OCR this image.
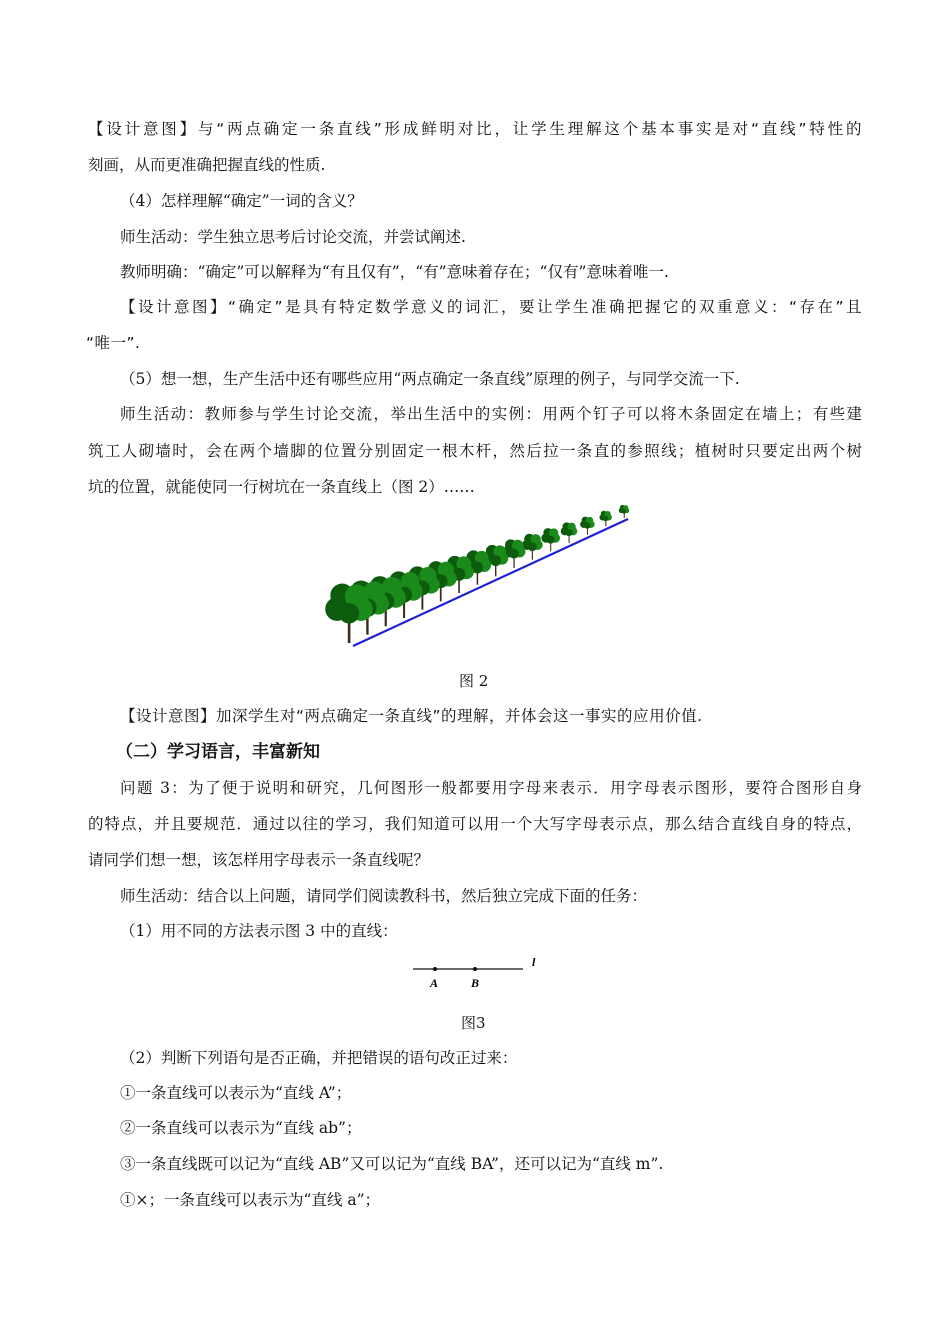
【设计意图】与“两点确定一条直线”形成鲜明对比，让学生理解这个基本事实是对“直线”特性的
刻画，从而更准确把握直线的性质.
（4）怎样理解“确定”一词的含义？
师生活动：学生独立思考后讨论交流，并尝试阐述.
教师明确：“确定”可以解释为“有且仅有”，“有”意味着存在；“仅有”意味着唯一.
【设计意图】“确定”是具有特定数学意义的词汇，要让学生准确把握它的双重意义：“存在”且
“唯一”.
（5）想一想，生产生活中还有哪些应用“两点确定一条直线”原理的例子，与同学交流一下.
师生活动：教师参与学生讨论交流，举出生活中的实例：用两个钉子可以将木条固定在墙上；有些建
筑工人砌墙时，会在两个墙脚的位置分别固定一根木杆，然后拉一条直的参照线；植树时只要定出两个树
坑的位置，就能使同一行树坑在一条直线上（图 2）……
图 2
【设计意图】加深学生对“两点确定一条直线”的理解，并体会这一事实的应用价值.
（二）学习语言，丰富新知
问题 3：为了便于说明和研究，几何图形一般都要用字母来表示．用字母表示图形，要符合图形自身
的特点，并且要规范．通过以往的学习，我们知道可以用一个大写字母表示点，那么结合直线自身的特点，
请同学们想一想，该怎样用字母表示一条直线呢？
师生活动：结合以上问题，请同学们阅读教科书，然后独立完成下面的任务：
（1）用不同的方法表示图 3 中的直线：
A	B
l
图3
（2）判断下列语句是否正确，并把错误的语句改正过来：
①一条直线可以表示为“直线 A”；
②一条直线可以表示为“直线 ab”；
③一条直线既可以记为“直线 AB”又可以记为“直线 BA”，还可以记为“直线 m”.
①×；一条直线可以表示为“直线 a”；
